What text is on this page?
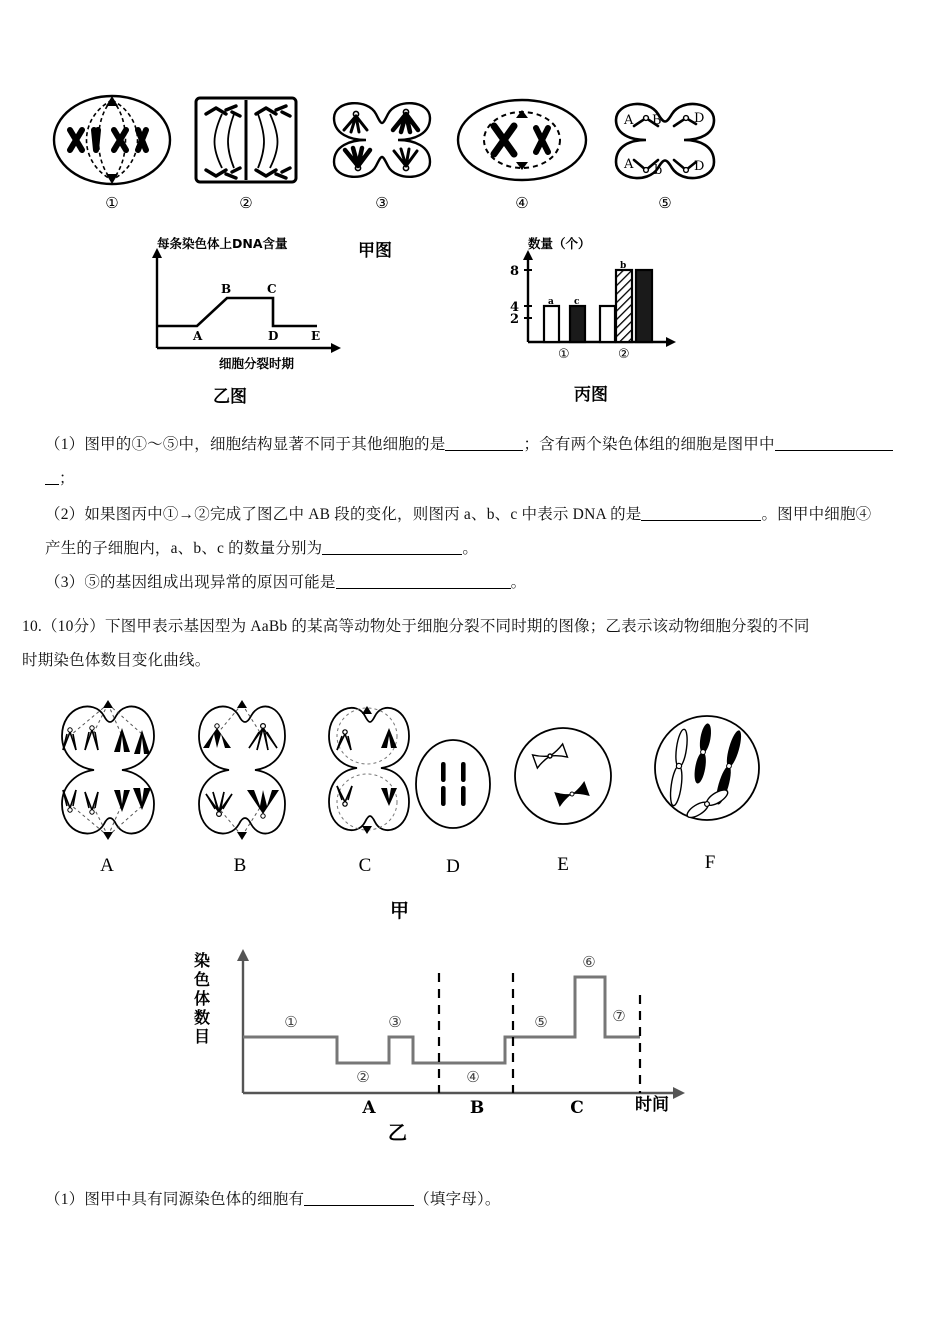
①	②	③	④
A B D
A b D
⑤
甲图
A
B	C
D	E
每条染色体上DNA含量
细胞分裂时期
乙图
8
4
2
a c
b
①	②
数量（个）
丙图
（1）图甲的①～⑤中，细胞结构显著不同于其他细胞的是	；含有两个染色体组的细胞是图甲中
；
（2）如果图丙中①→②完成了图乙中 AB 段的变化，则图丙 a、b、c 中表示 DNA 的是	。图甲中细胞④
产生的子细胞内，a、b、c 的数量分别为	。
（3）⑤的基因组成出现异常的原因可能是	。
10.（10分）下图甲表示基因型为 AaBb 的某高等动物处于细胞分裂不同时期的图像；乙表示该动物细胞分裂的不同
时期染色体数目变化曲线。
A	B	C	D	E	F
甲
①
②
③
④
⑤
⑥
⑦
A	B	C
染色体数目
时间
乙
（1）图甲中具有同源染色体的细胞有	（填字母）。
